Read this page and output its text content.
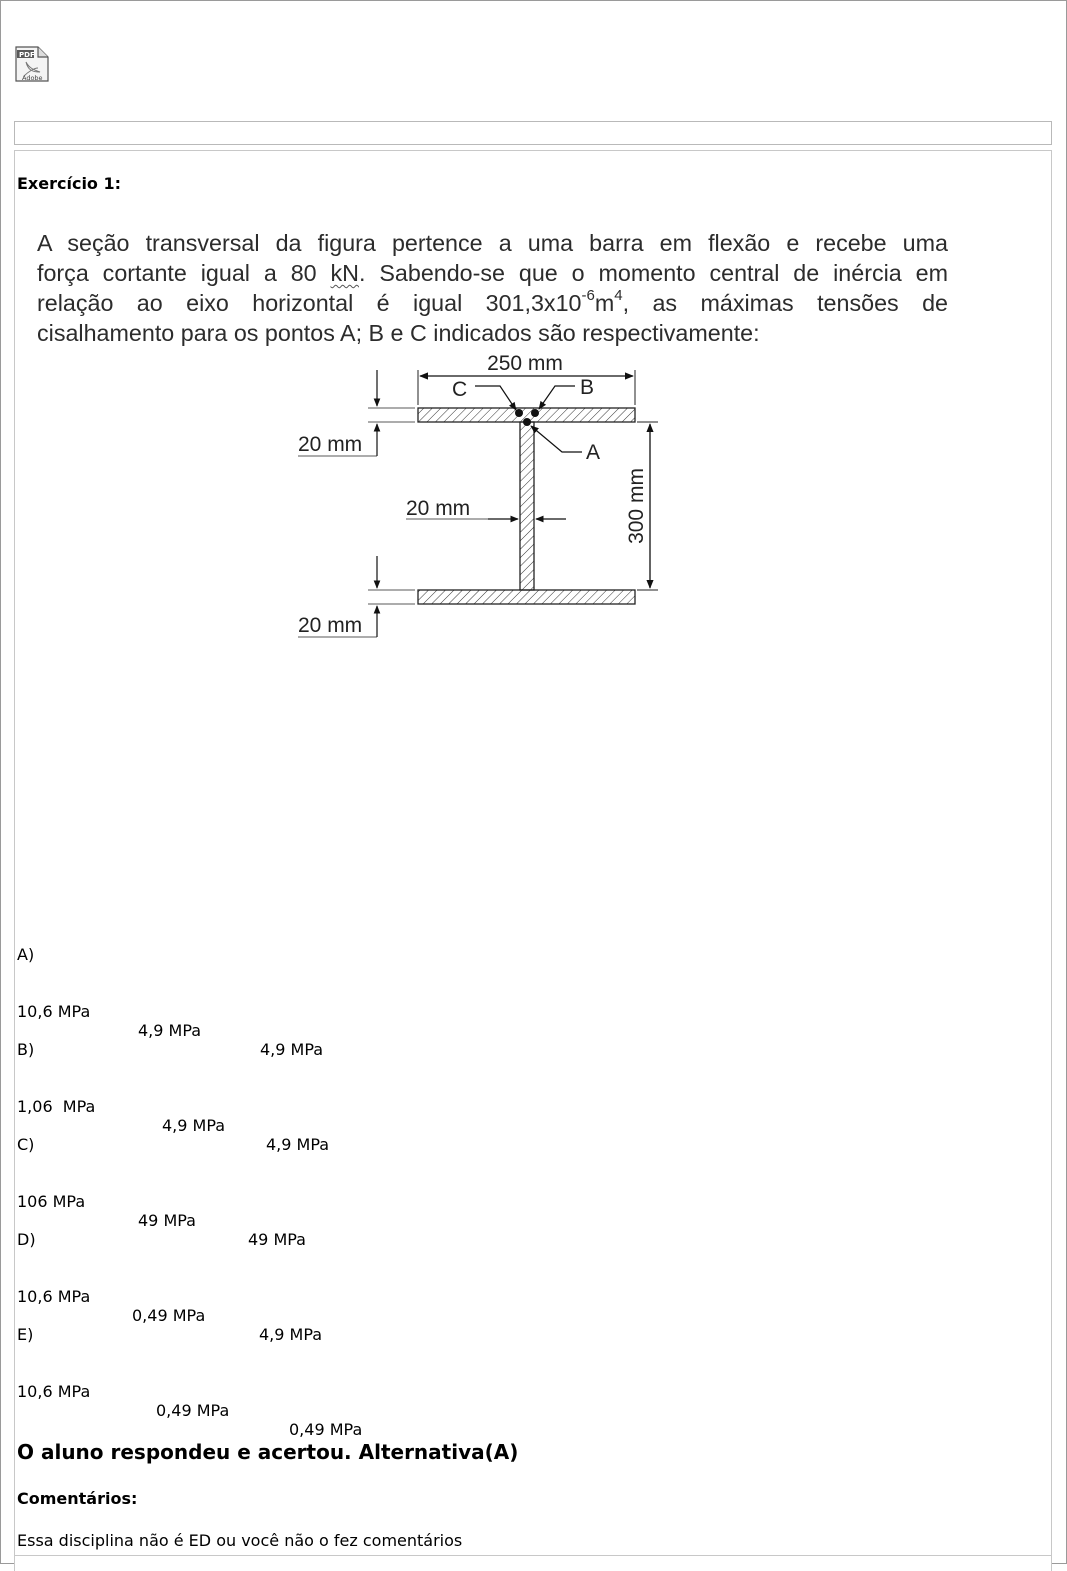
PDF
Adobe
Exercício 1:

A seção transversal da figura pertence a uma barra em flexão e recebe uma

força cortante igual a 80 kN. Sabendo-se que o momento central de inércia em

relação ao eixo horizontal é igual $301,3x10^{-6}m^4$, as máximas tensões de

cisalhamento para os pontos A; B e C indicados são respectivamente:

250 mm
C	B
A
300 mm
20 mm
20 mm
20 mm
A)

10,6 MPa

4,9 MPa

4,9 MPa

B)

1,06  MPa

4,9 MPa

4,9 MPa

C)

106 MPa

49 MPa

49 MPa

D)

10,6 MPa

0,49 MPa

4,9 MPa

E)

10,6 MPa

0,49 MPa

0,49 MPa

O aluno respondeu e acertou. Alternativa(A)
Comentários:
Essa disciplina não é ED ou você não o fez comentários
